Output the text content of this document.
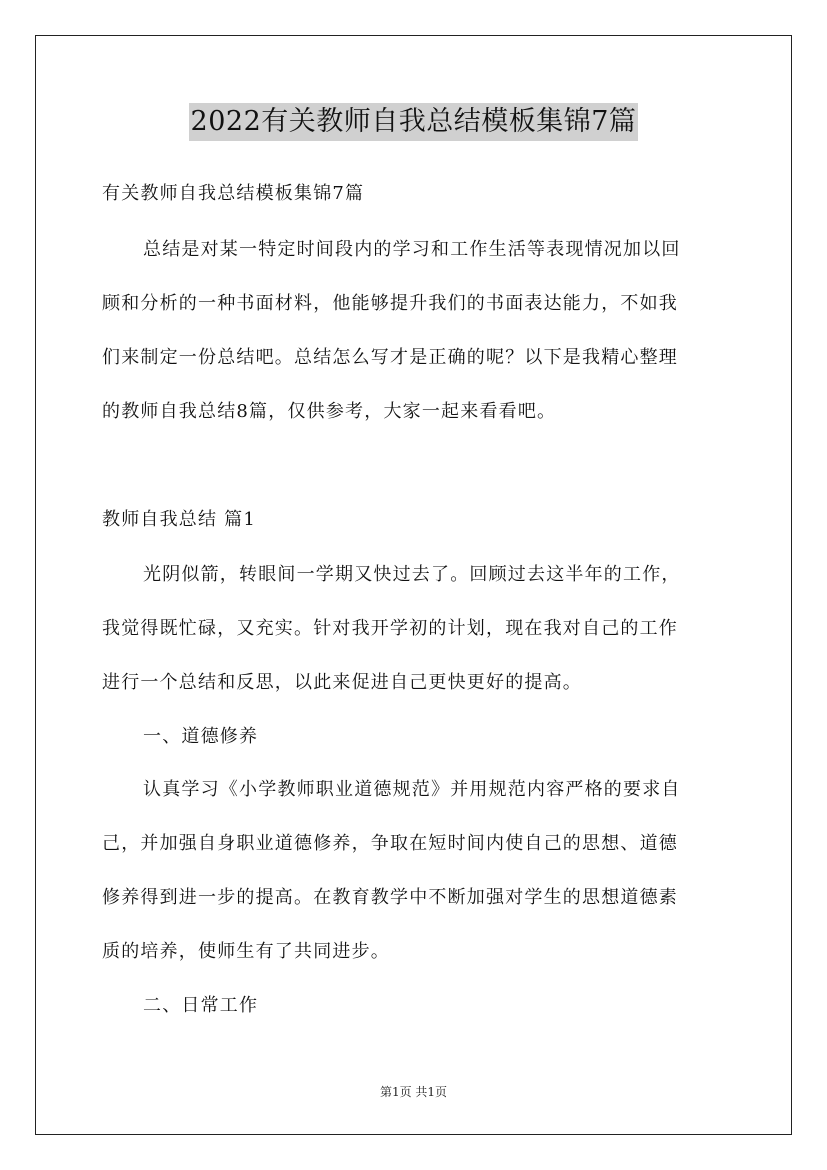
2022有关教师自我总结模板集锦7篇
有关教师自我总结模板集锦7篇
总结是对某一特定时间段内的学习和工作生活等表现情况加以回
顾和分析的一种书面材料，他能够提升我们的书面表达能力，不如我
们来制定一份总结吧。总结怎么写才是正确的呢？以下是我精心整理
的教师自我总结8篇，仅供参考，大家一起来看看吧。
教师自我总结 篇1
光阴似箭，转眼间一学期又快过去了。回顾过去这半年的工作，
我觉得既忙碌，又充实。针对我开学初的计划，现在我对自己的工作
进行一个总结和反思，以此来促进自己更快更好的提高。
一、道德修养
认真学习《小学教师职业道德规范》并用规范内容严格的要求自
己，并加强自身职业道德修养，争取在短时间内使自己的思想、道德
修养得到进一步的提高。在教育教学中不断加强对学生的思想道德素
质的培养，使师生有了共同进步。
二、日常工作
第1页 共1页
